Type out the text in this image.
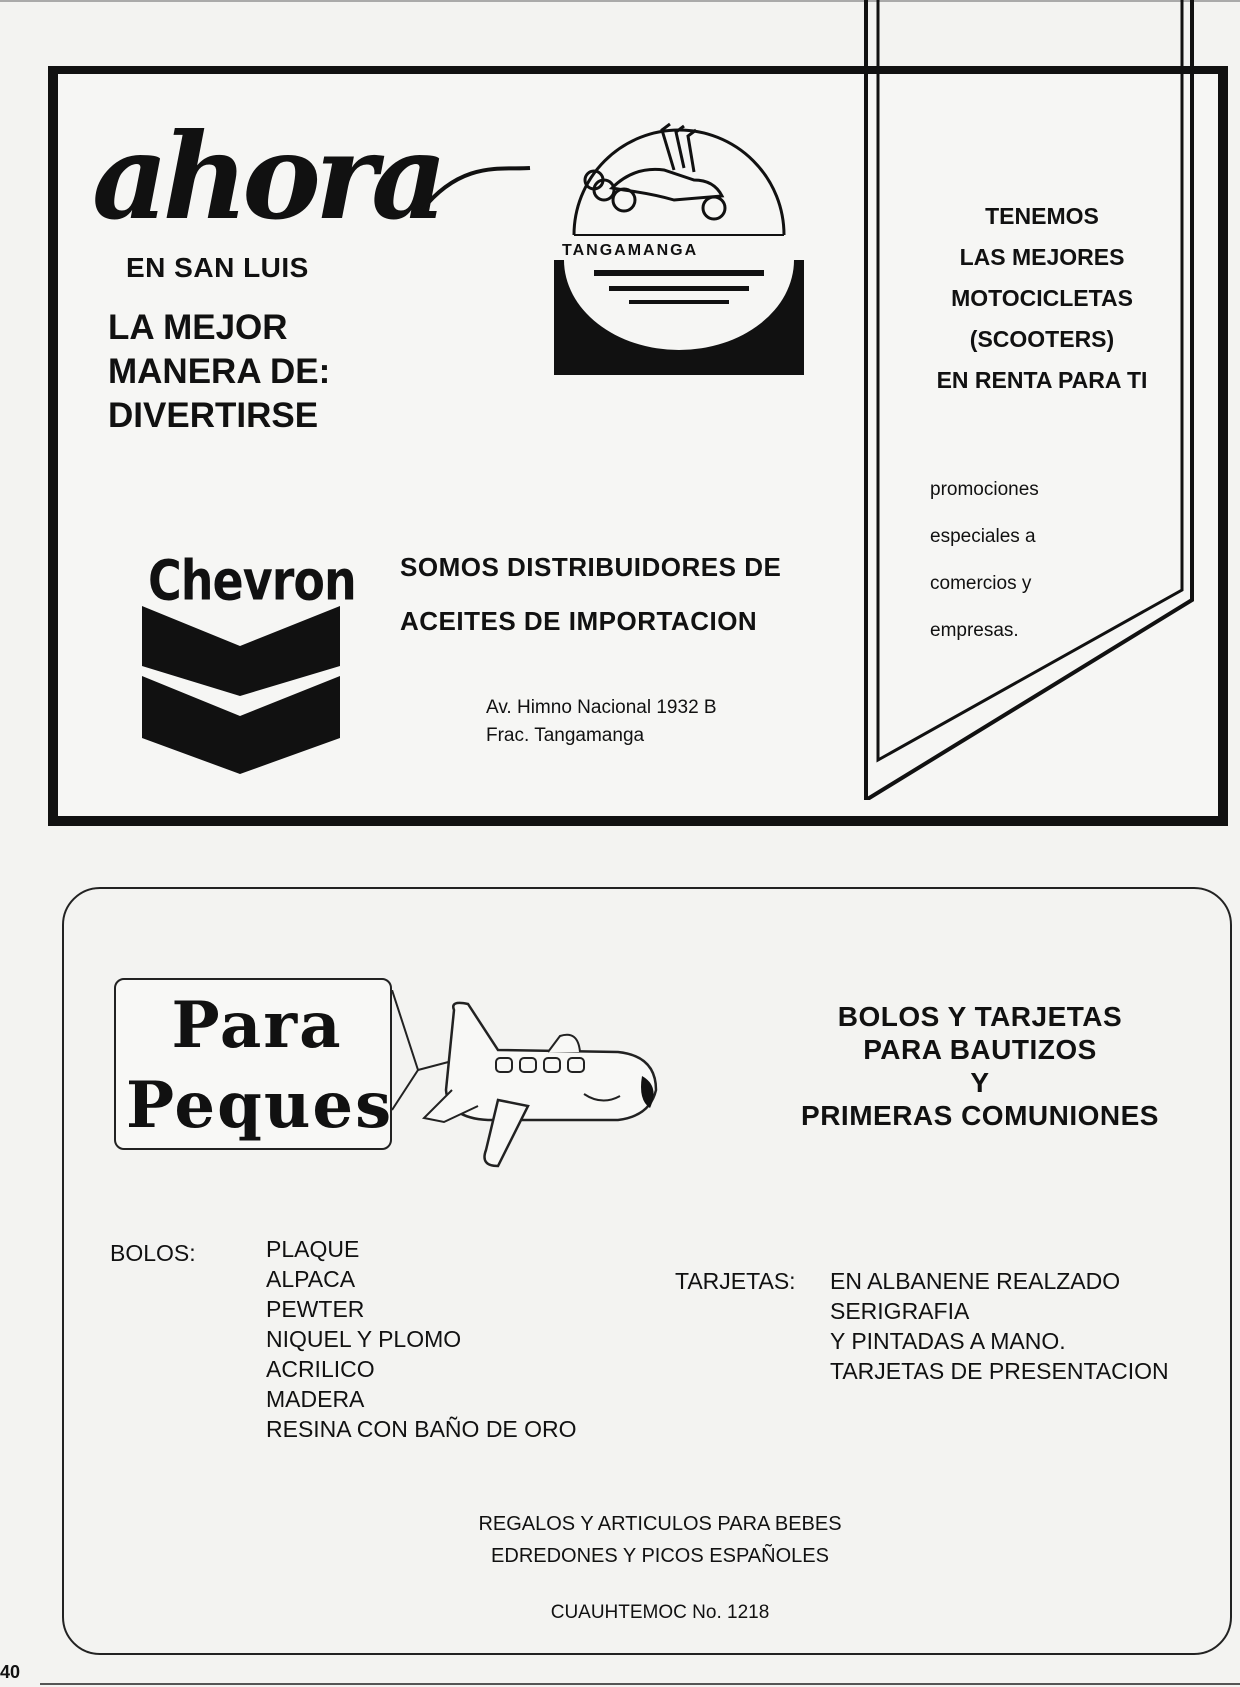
ahora
EN SAN LUIS
LA MEJOR
MANERA DE:
DIVERTIRSE
TANGAMANGA
Chevron SOMOS DISTRIBUIDORES DE
ACEITES DE IMPORTACION
Av. Himno Nacional 1932 B
Frac. Tangamanga
TENEMOS
LAS MEJORES
MOTOCICLETAS
(SCOOTERS)
EN RENTA PARA TI
promociones
especiales a
comercios y
empresas.
Para
Peques
BOLOS Y TARJETAS
PARA BAUTIZOS
Y
PRIMERAS COMUNIONES
BOLOS:	PLAQUE
ALPACA
PEWTER
NIQUEL Y PLOMO
ACRILICO
MADERA
RESINA CON BAÑO DE ORO
TARJETAS: EN ALBANENE REALZADO
SERIGRAFIA
Y PINTADAS A MANO.
TARJETAS DE PRESENTACION
REGALOS Y ARTICULOS PARA BEBES
EDREDONES Y PICOS ESPAÑOLES
CUAUHTEMOC No. 1218
40
